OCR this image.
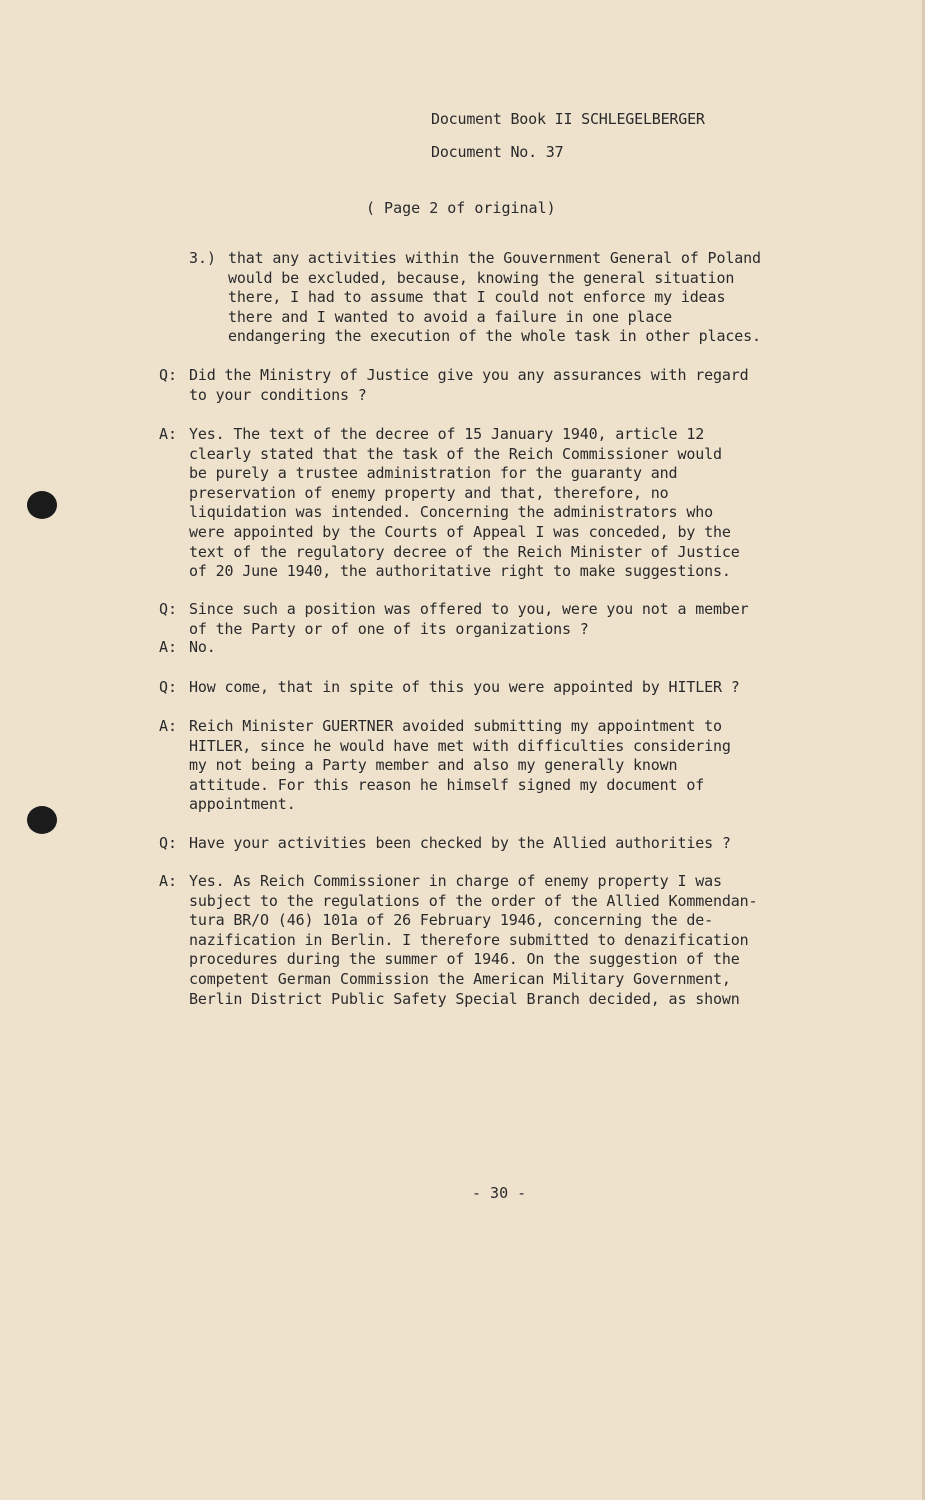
Document Book II SCHLEGELBERGER
Document No. 37
( Page 2 of original)
3.) that any activities within the Gouvernment General of Poland
would be excluded, because, knowing the general situation
there, I had to assume that I could not enforce my ideas
there and I wanted to avoid a failure in one place
endangering the execution of the whole task in other places.
Q: Did the Ministry of Justice give you any assurances with regard
to your conditions ?
A: Yes. The text of the decree of 15 January 1940, article 12
clearly stated that the task of the Reich Commissioner would
be purely a trustee administration for the guaranty and
preservation of enemy property and that, therefore, no
liquidation was intended. Concerning the administrators who
were appointed by the Courts of Appeal I was conceded, by the
text of the regulatory decree of the Reich Minister of Justice
of 20 June 1940, the authoritative right to make suggestions.
Q: Since such a position was offered to you, were you not a member
of the Party or of one of its organizations ?
A: No.
Q: How come, that in spite of this you were appointed by HITLER ?
A: Reich Minister GUERTNER avoided submitting my appointment to
HITLER, since he would have met with difficulties considering
my not being a Party member and also my generally known
attitude. For this reason he himself signed my document of
appointment.
Q: Have your activities been checked by the Allied authorities ?
A: Yes. As Reich Commissioner in charge of enemy property I was
subject to the regulations of the order of the Allied Kommendan-
tura BR/O (46) 101a of 26 February 1946, concerning the de-
nazification in Berlin. I therefore submitted to denazification
procedures during the summer of 1946. On the suggestion of the
competent German Commission the American Military Government,
Berlin District Public Safety Special Branch decided, as shown
- 30 -
